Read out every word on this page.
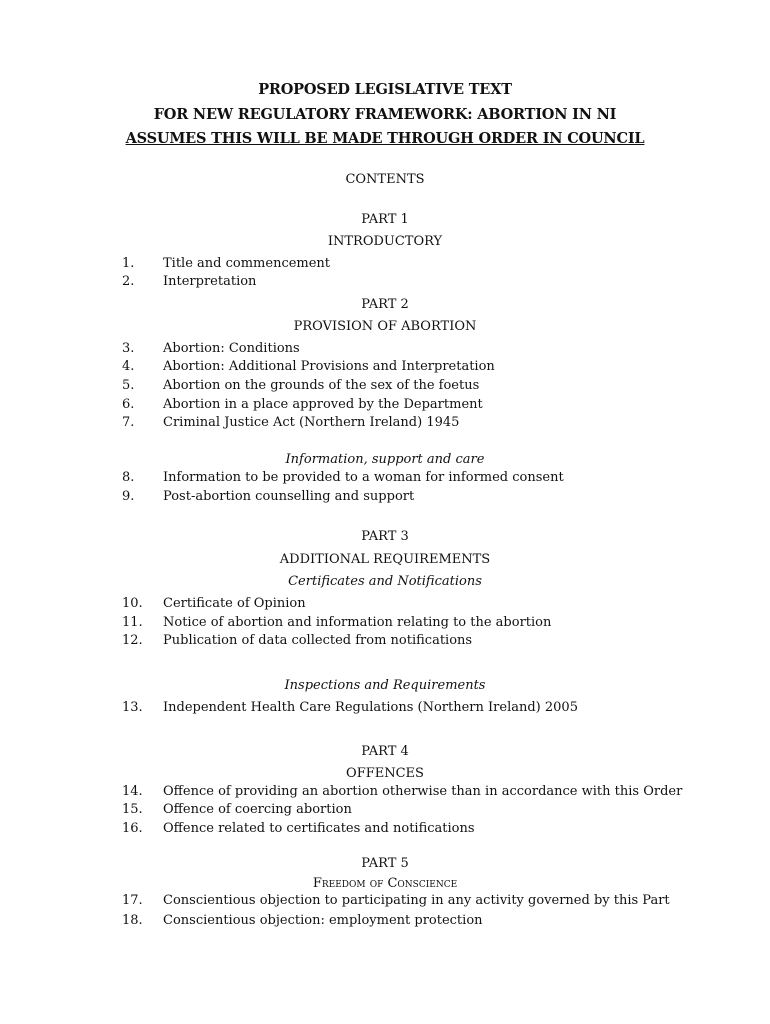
PROPOSED LEGISLATIVE TEXT
FOR NEW REGULATORY FRAMEWORK: ABORTION IN NI
ASSUMES THIS WILL BE MADE THROUGH ORDER IN COUNCIL
CONTENTS
PART 1
INTRODUCTORY
1. Title and commencement
2. Interpretation
PART 2
PROVISION OF ABORTION
3. Abortion: Conditions
4. Abortion: Additional Provisions and Interpretation
5. Abortion on the grounds of the sex of the foetus
6. Abortion in a place approved by the Department
7. Criminal Justice Act (Northern Ireland) 1945
Information, support and care
8. Information to be provided to a woman for informed consent
9. Post-abortion counselling and support
PART 3
ADDITIONAL REQUIREMENTS
Certificates and Notifications
10. Certificate of Opinion
11. Notice of abortion and information relating to the abortion
12. Publication of data collected from notifications
Inspections and Requirements
13. Independent Health Care Regulations (Northern Ireland) 2005
PART 4
OFFENCES
14. Offence of providing an abortion otherwise than in accordance with this Order
15. Offence of coercing abortion
16. Offence related to certificates and notifications
PART 5
Freedom of Conscience
17. Conscientious objection to participating in any activity governed by this Part
18. Conscientious objection: employment protection
